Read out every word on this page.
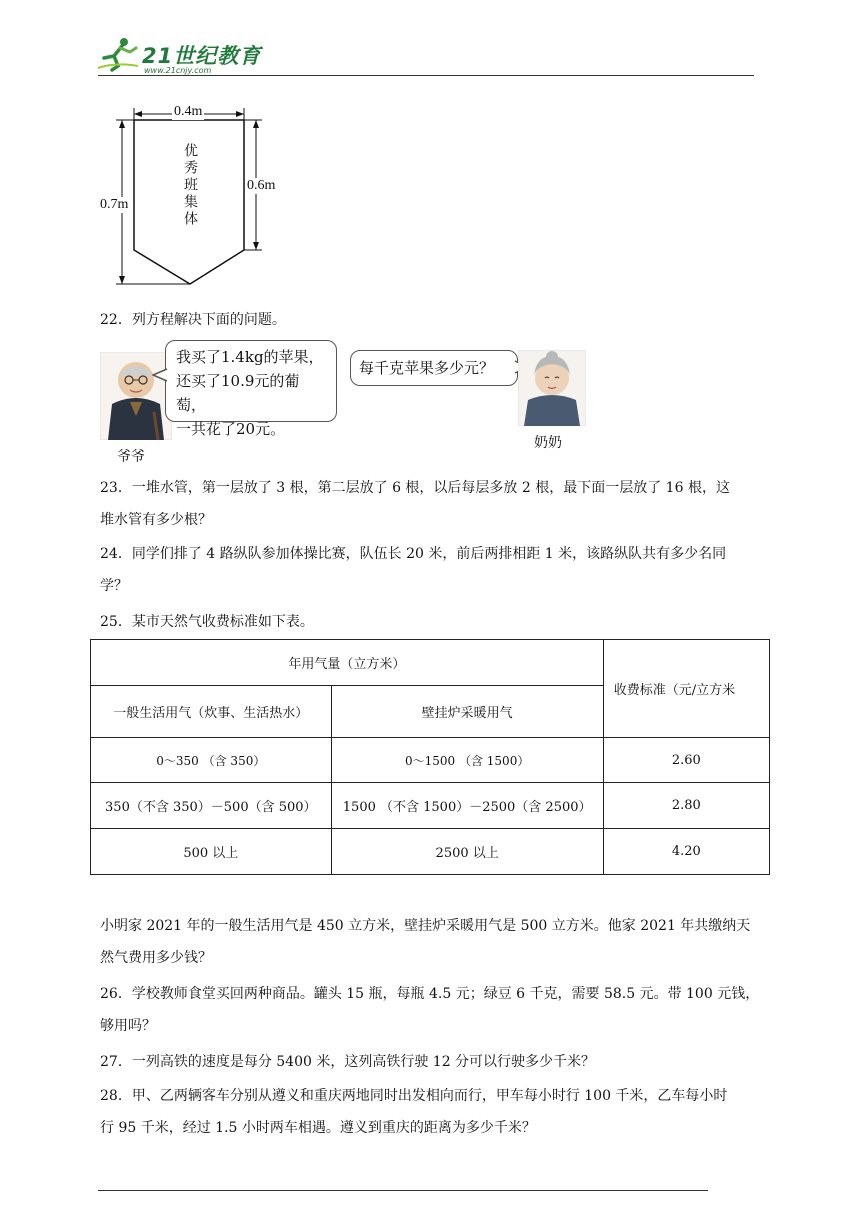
21世纪教育
www.21cnjy.com
0.4m
0.7m
0.6m
优秀班集体
22．列方程解决下面的问题。
爷爷
我买了1.4kg的苹果，
还买了10.9元的葡萄，
一共花了20元。
每千克苹果多少元？
奶奶
23．一堆水管，第一层放了 3 根，第二层放了 6 根，以后每层多放 2 根，最下面一层放了 16 根，这
堆水管有多少根？
24．同学们排了 4 路纵队参加体操比赛，队伍长 20 米，前后两排相距 1 米，该路纵队共有多少名同
学？
25．某市天然气收费标准如下表。
年用气量（立方米）		收费标准（元/立方米
一般生活用气（炊事、生活热水）	壁挂炉采暖用气	
0～350 （含 350）	0～1500 （含 1500）	2.60
350（不含 350）－500（含 500）	1500 （不含 1500）－2500（含 2500）	2.80
500 以上	2500 以上	4.20
小明家 2021 年的一般生活用气是 450 立方米，壁挂炉采暖用气是 500 立方米。他家 2021 年共缴纳天
然气费用多少钱？
26．学校教师食堂买回两种商品。罐头 15 瓶，每瓶 4.5 元；绿豆 6 千克，需要 58.5 元。带 100 元钱，
够用吗？
27．一列高铁的速度是每分 5400 米，这列高铁行驶 12 分可以行驶多少千米？
28．甲、乙两辆客车分别从遵义和重庆两地同时出发相向而行，甲车每小时行 100 千米，乙车每小时
行 95 千米，经过 1.5 小时两车相遇。遵义到重庆的距离为多少千米？
